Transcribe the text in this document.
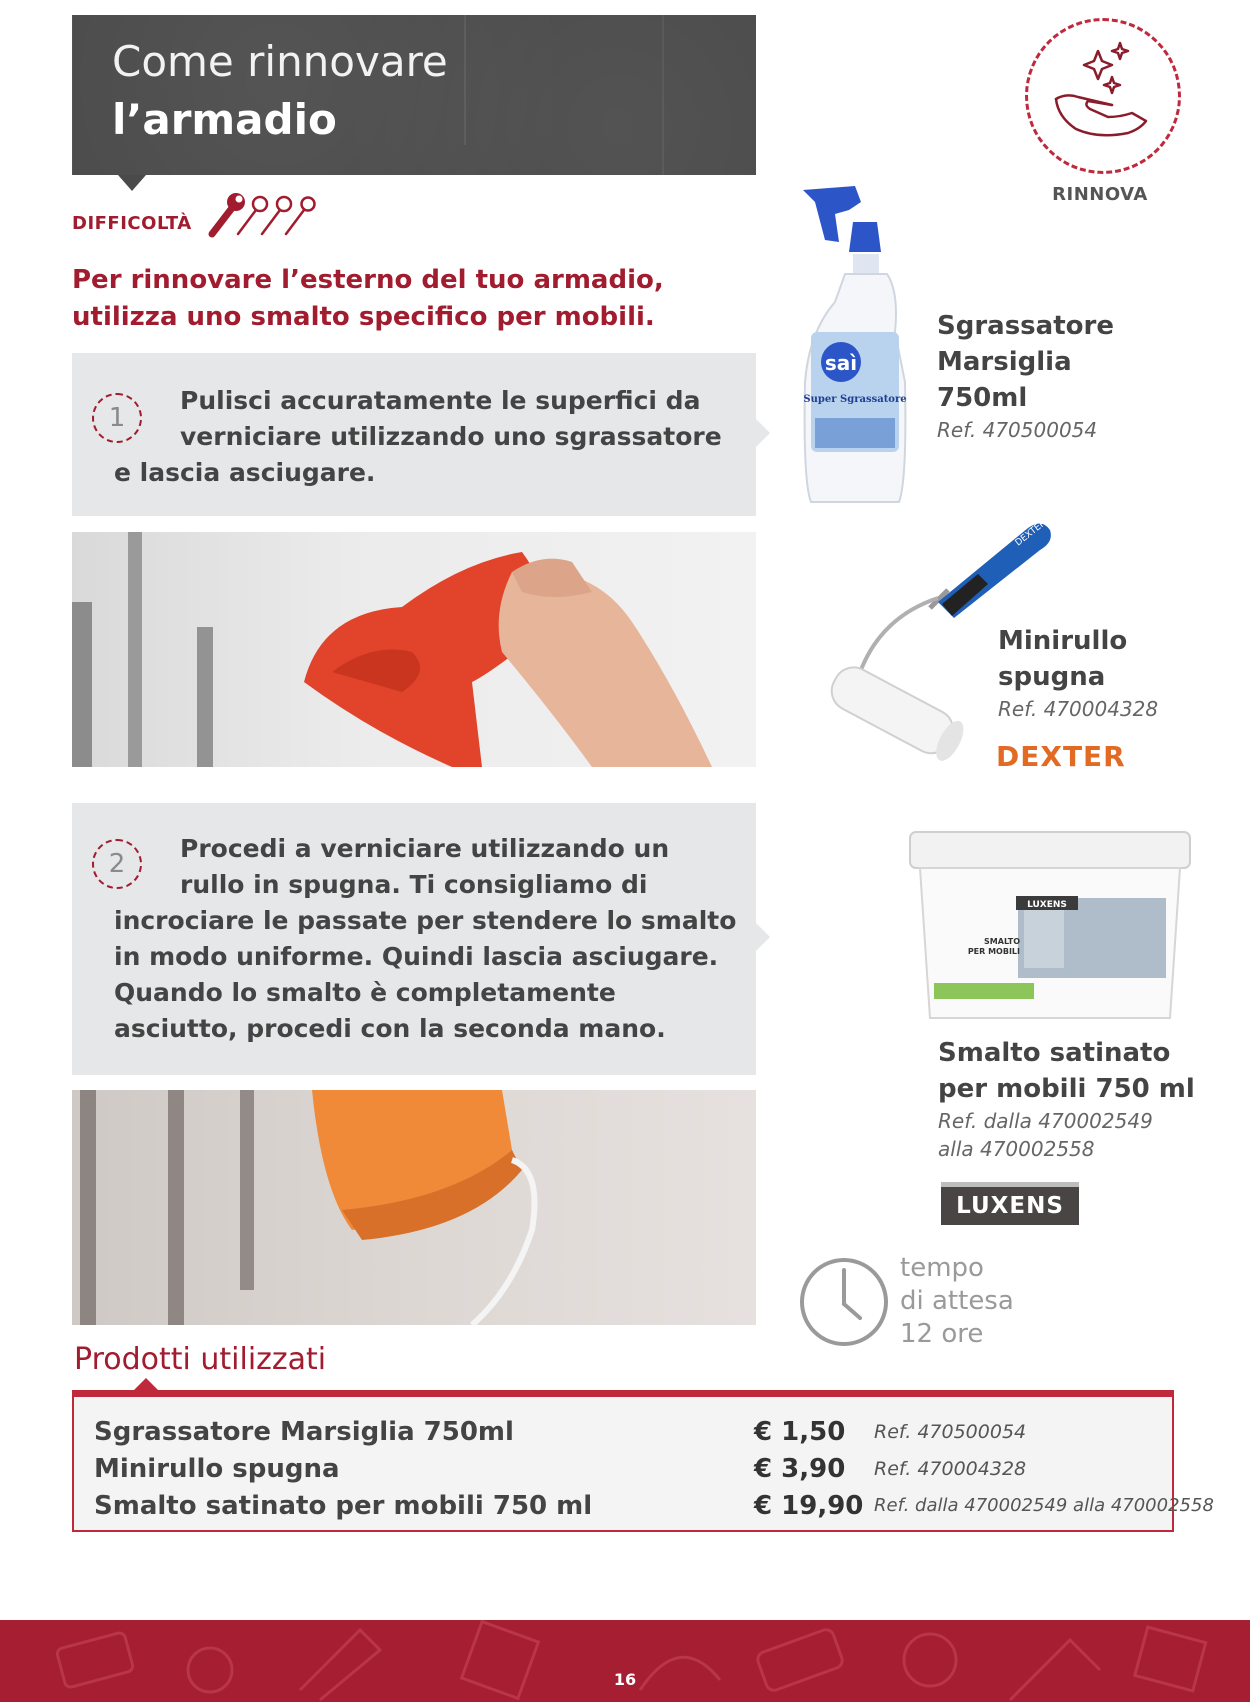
Come rinnovare
l’armadio
DIFFICOLTÀ
Per rinnovare l’esterno del tuo armadio,
utilizza uno smalto specifico per mobili.
1
Pulisci accuratamente le superfici da
verniciare utilizzando uno sgrassatore
e lascia asciugare.
2
Procedi a verniciare utilizzando un
rullo in spugna. Ti consigliamo di
incrociare le passate per stendere lo smalto
in modo uniforme. Quindi lascia asciugare.
Quando lo smalto è completamente
asciutto, procedi con la seconda mano.
RINNOVA
saì
Super Sgrassatore
Sgrassatore
Marsiglia
750ml
Ref. 470500054
DEXTER
Minirullo
spugna
Ref. 470004328
DEXTER
LUXENS
SMALTO
PER MOBILI
Smalto satinato
per mobili 750 ml
Ref. dalla 470002549
alla 470002558
LUXENS
tempo
di attesa
12 ore
Prodotti utilizzati
Sgrassatore Marsiglia 750ml	€ 1,50 Ref. 470500054
Minirullo spugna	€ 3,90 Ref. 470004328
Smalto satinato per mobili 750 ml	€ 19,90 Ref. dalla 470002549 alla 470002558
16
